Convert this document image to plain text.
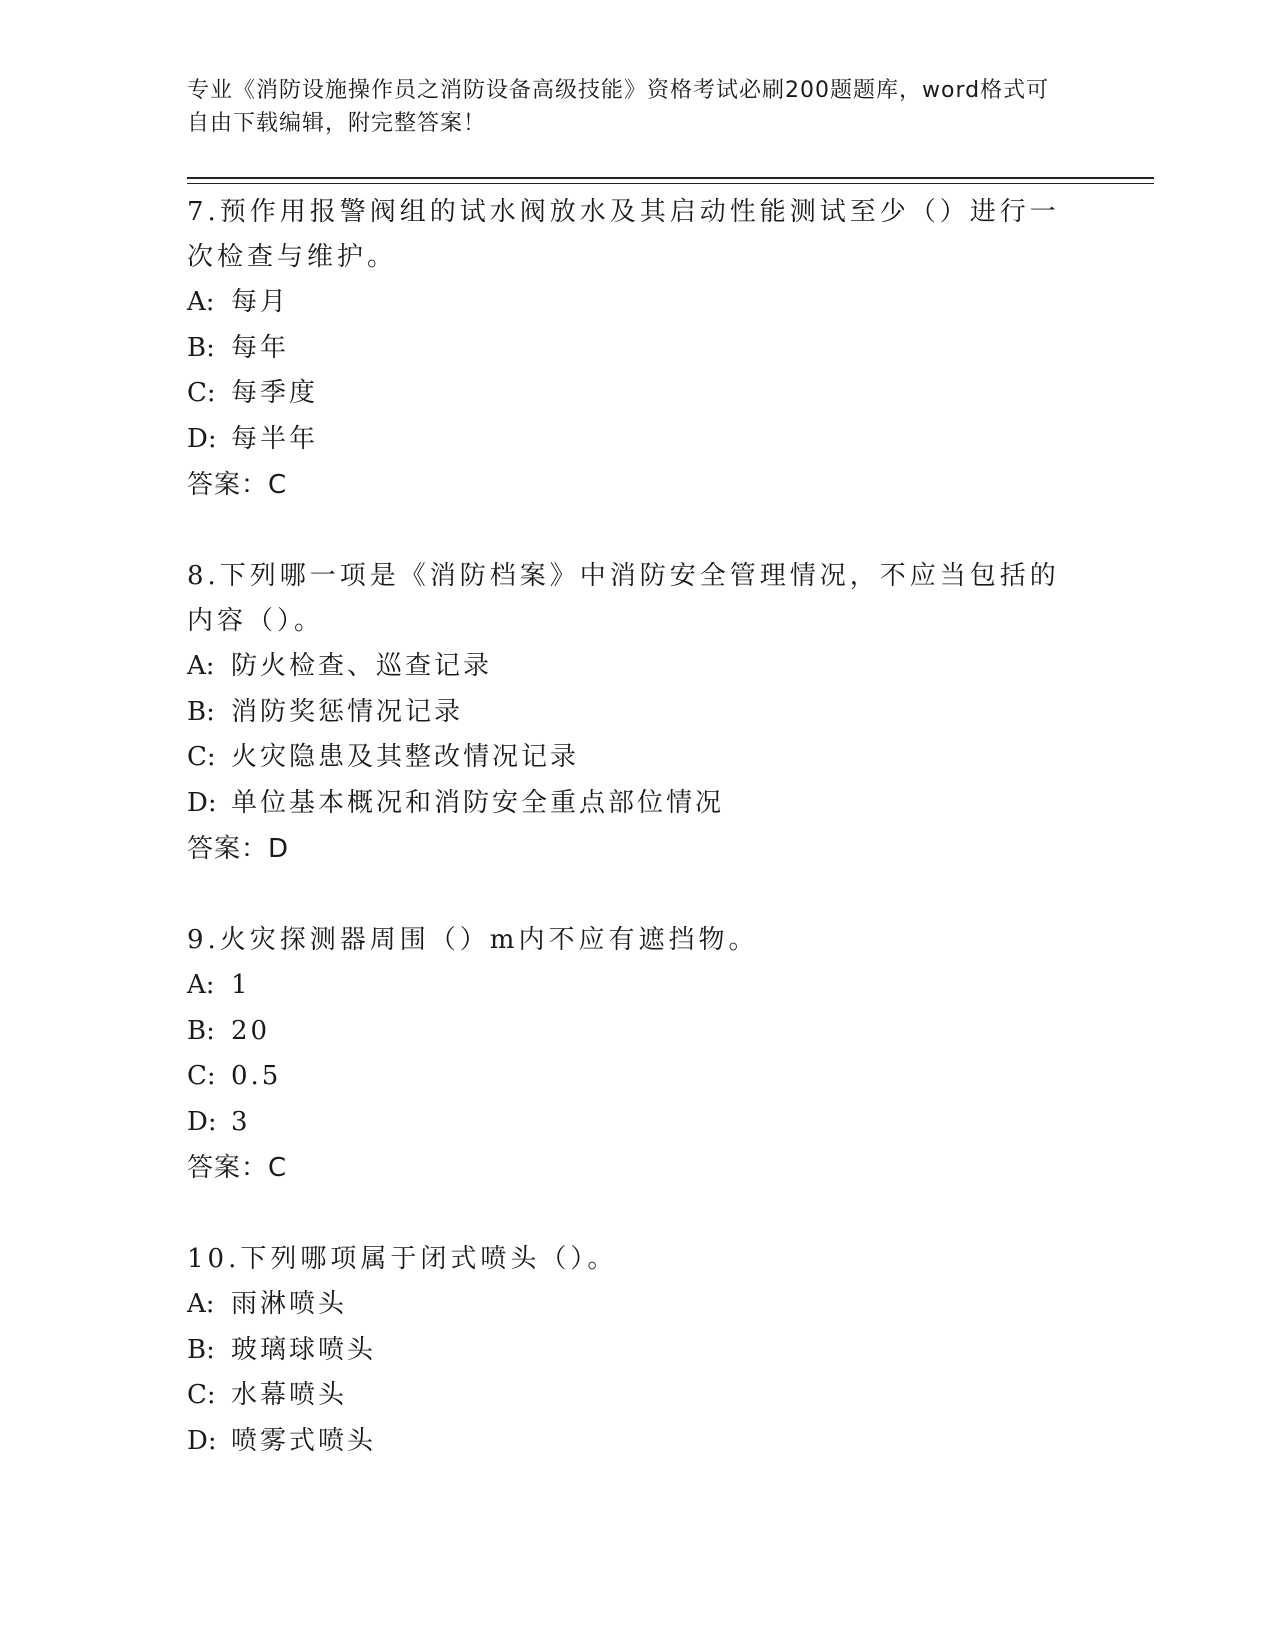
专业《消防设施操作员之消防设备高级技能》资格考试必刷200题题库，word格式可自由下载编辑，附完整答案！

7.预作用报警阀组的试水阀放水及其启动性能测试至少（）进行一次检查与维护。

A: 每月

B: 每年

C: 每季度

D: 每半年

答案：C

8.下列哪一项是《消防档案》中消防安全管理情况，不应当包括的内容（）。

A: 防火检查、巡查记录

B: 消防奖惩情况记录

C: 火灾隐患及其整改情况记录

D: 单位基本概况和消防安全重点部位情况

答案：D

9.火灾探测器周围（）m内不应有遮挡物。

A: 1

B: 20

C: 0.5

D: 3

答案：C

10.下列哪项属于闭式喷头（）。

A: 雨淋喷头

B: 玻璃球喷头

C: 水幕喷头

D: 喷雾式喷头
